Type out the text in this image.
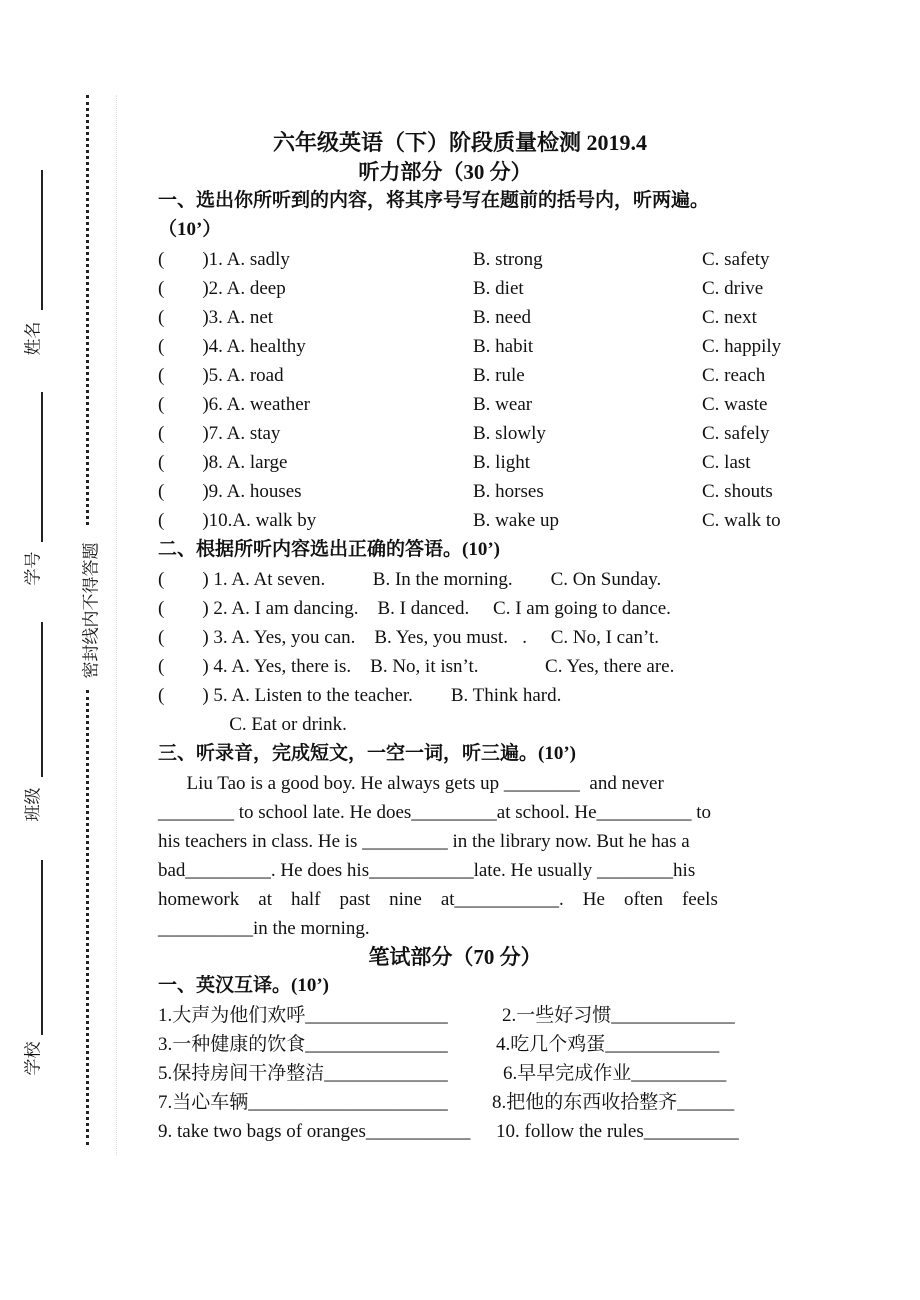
密封线内不得答题
姓名
学号
班级
学校
六年级英语（下）阶段质量检测 2019.4
听力部分（30 分）
一、选出你所听到的内容，将其序号写在题前的括号内，听两遍。
（10’）
(        )1. A. sadly	B. strong	C. safety
(        )2. A. deep	B. diet	C. drive
(        )3. A. net	B. need	C. next
(        )4. A. healthy	B. habit	C. happily
(        )5. A. road	B. rule	C. reach
(        )6. A. weather	B. wear	C. waste
(        )7. A. stay	B. slowly	C. safely
(        )8. A. large	B. light	C. last
(        )9. A. houses	B. horses	C. shouts
(        )10.A. walk by	B. wake up	C. walk to
二、根据所听内容选出正确的答语。(10’)
(        ) 1. A. At seven.          B. In the morning.        C. On Sunday.
(        ) 2. A. I am dancing.    B. I danced.     C. I am going to dance.
(        ) 3. A. Yes, you can.    B. Yes, you must.   .     C. No, I can’t.
(        ) 4. A. Yes, there is.    B. No, it isn’t.              C. Yes, there are.
(        ) 5. A. Listen to the teacher.        B. Think hard.
C. Eat or drink.
三、听录音，完成短文，一空一词，听三遍。(10’)
Liu Tao is a good boy. He always gets up ________  and never
________ to school late. He does_________at school. He__________ to
his teachers in class. He is _________ in the library now. But he has a
bad_________. He does his___________late. He usually ________his
homework    at    half    past    nine    at___________.    He    often    feels
__________in the morning.
笔试部分（70 分）
一、英汉互译。(10’)
1.大声为他们欢呼_______________	2.一些好习惯_____________
3.一种健康的饮食_______________	4.吃几个鸡蛋____________
5.保持房间干净整洁_____________	6.早早完成作业__________
7.当心车辆_____________________ 8.把他的东西收拾整齐______
9. take two bags of oranges___________ 10. follow the rules__________
